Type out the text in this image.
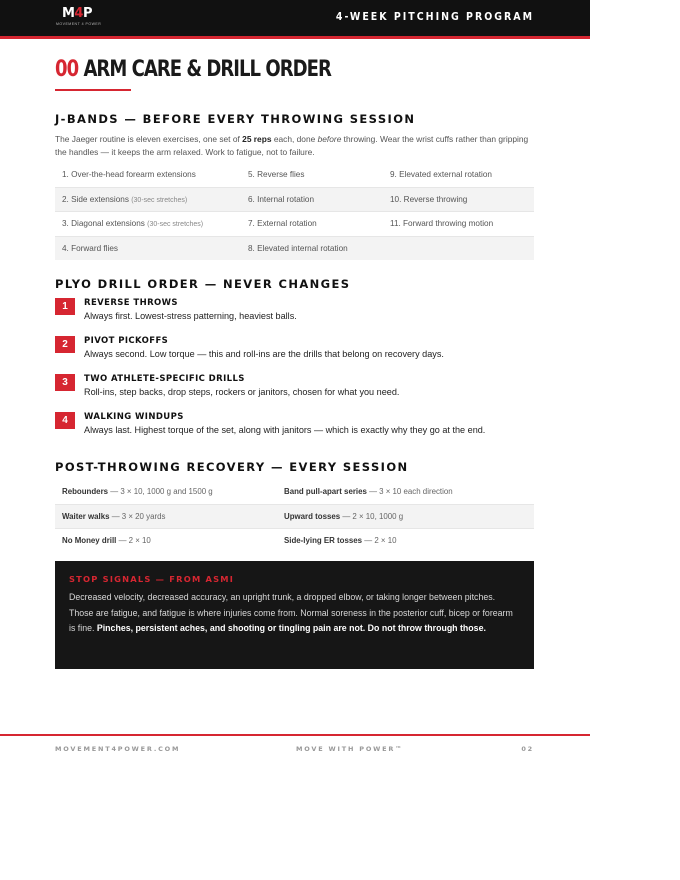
M4P
MOVEMENT 4 POWER
4-WEEK PITCHING PROGRAM
00 ARM CARE & DRILL ORDER
J-BANDS — BEFORE EVERY THROWING SESSION
The Jaeger routine is eleven exercises, one set of 25 reps each, done before throwing. Wear the wrist cuffs rather than gripping the handles — it keeps the arm relaxed. Work to fatigue, not to failure.
1. Over-the-head forearm extensions	5. Reverse flies	9. Elevated external rotation
2. Side extensions (30-sec stretches)	6. Internal rotation	10. Reverse throwing
3. Diagonal extensions (30-sec stretches)	7. External rotation	11. Forward throwing motion
4. Forward flies	8. Elevated internal rotation
PLYO DRILL ORDER — NEVER CHANGES
1	REVERSE THROWS
Always first. Lowest-stress patterning, heaviest balls.
2	PIVOT PICKOFFS
Always second. Low torque — this and roll-ins are the drills that belong on recovery days.
3	TWO ATHLETE-SPECIFIC DRILLS
Roll-ins, step backs, drop steps, rockers or janitors, chosen for what you need.
4	WALKING WINDUPS
Always last. Highest torque of the set, along with janitors — which is exactly why they go at the end.
POST-THROWING RECOVERY — EVERY SESSION
Rebounders — 3 × 10, 1000 g and 1500 g	Band pull-apart series — 3 × 10 each direction
Waiter walks — 3 × 20 yards	Upward tosses — 2 × 10, 1000 g
No Money drill — 2 × 10	Side-lying ER tosses — 2 × 10
STOP SIGNALS — FROM ASMI
Decreased velocity, decreased accuracy, an upright trunk, a dropped elbow, or taking longer between pitches. Those are fatigue, and fatigue is where injuries come from. Normal soreness in the posterior cuff, bicep or forearm is fine. Pinches, persistent aches, and shooting or tingling pain are not. Do not throw through those.
MOVEMENT4POWER.COM	MOVE WITH POWER™	02
